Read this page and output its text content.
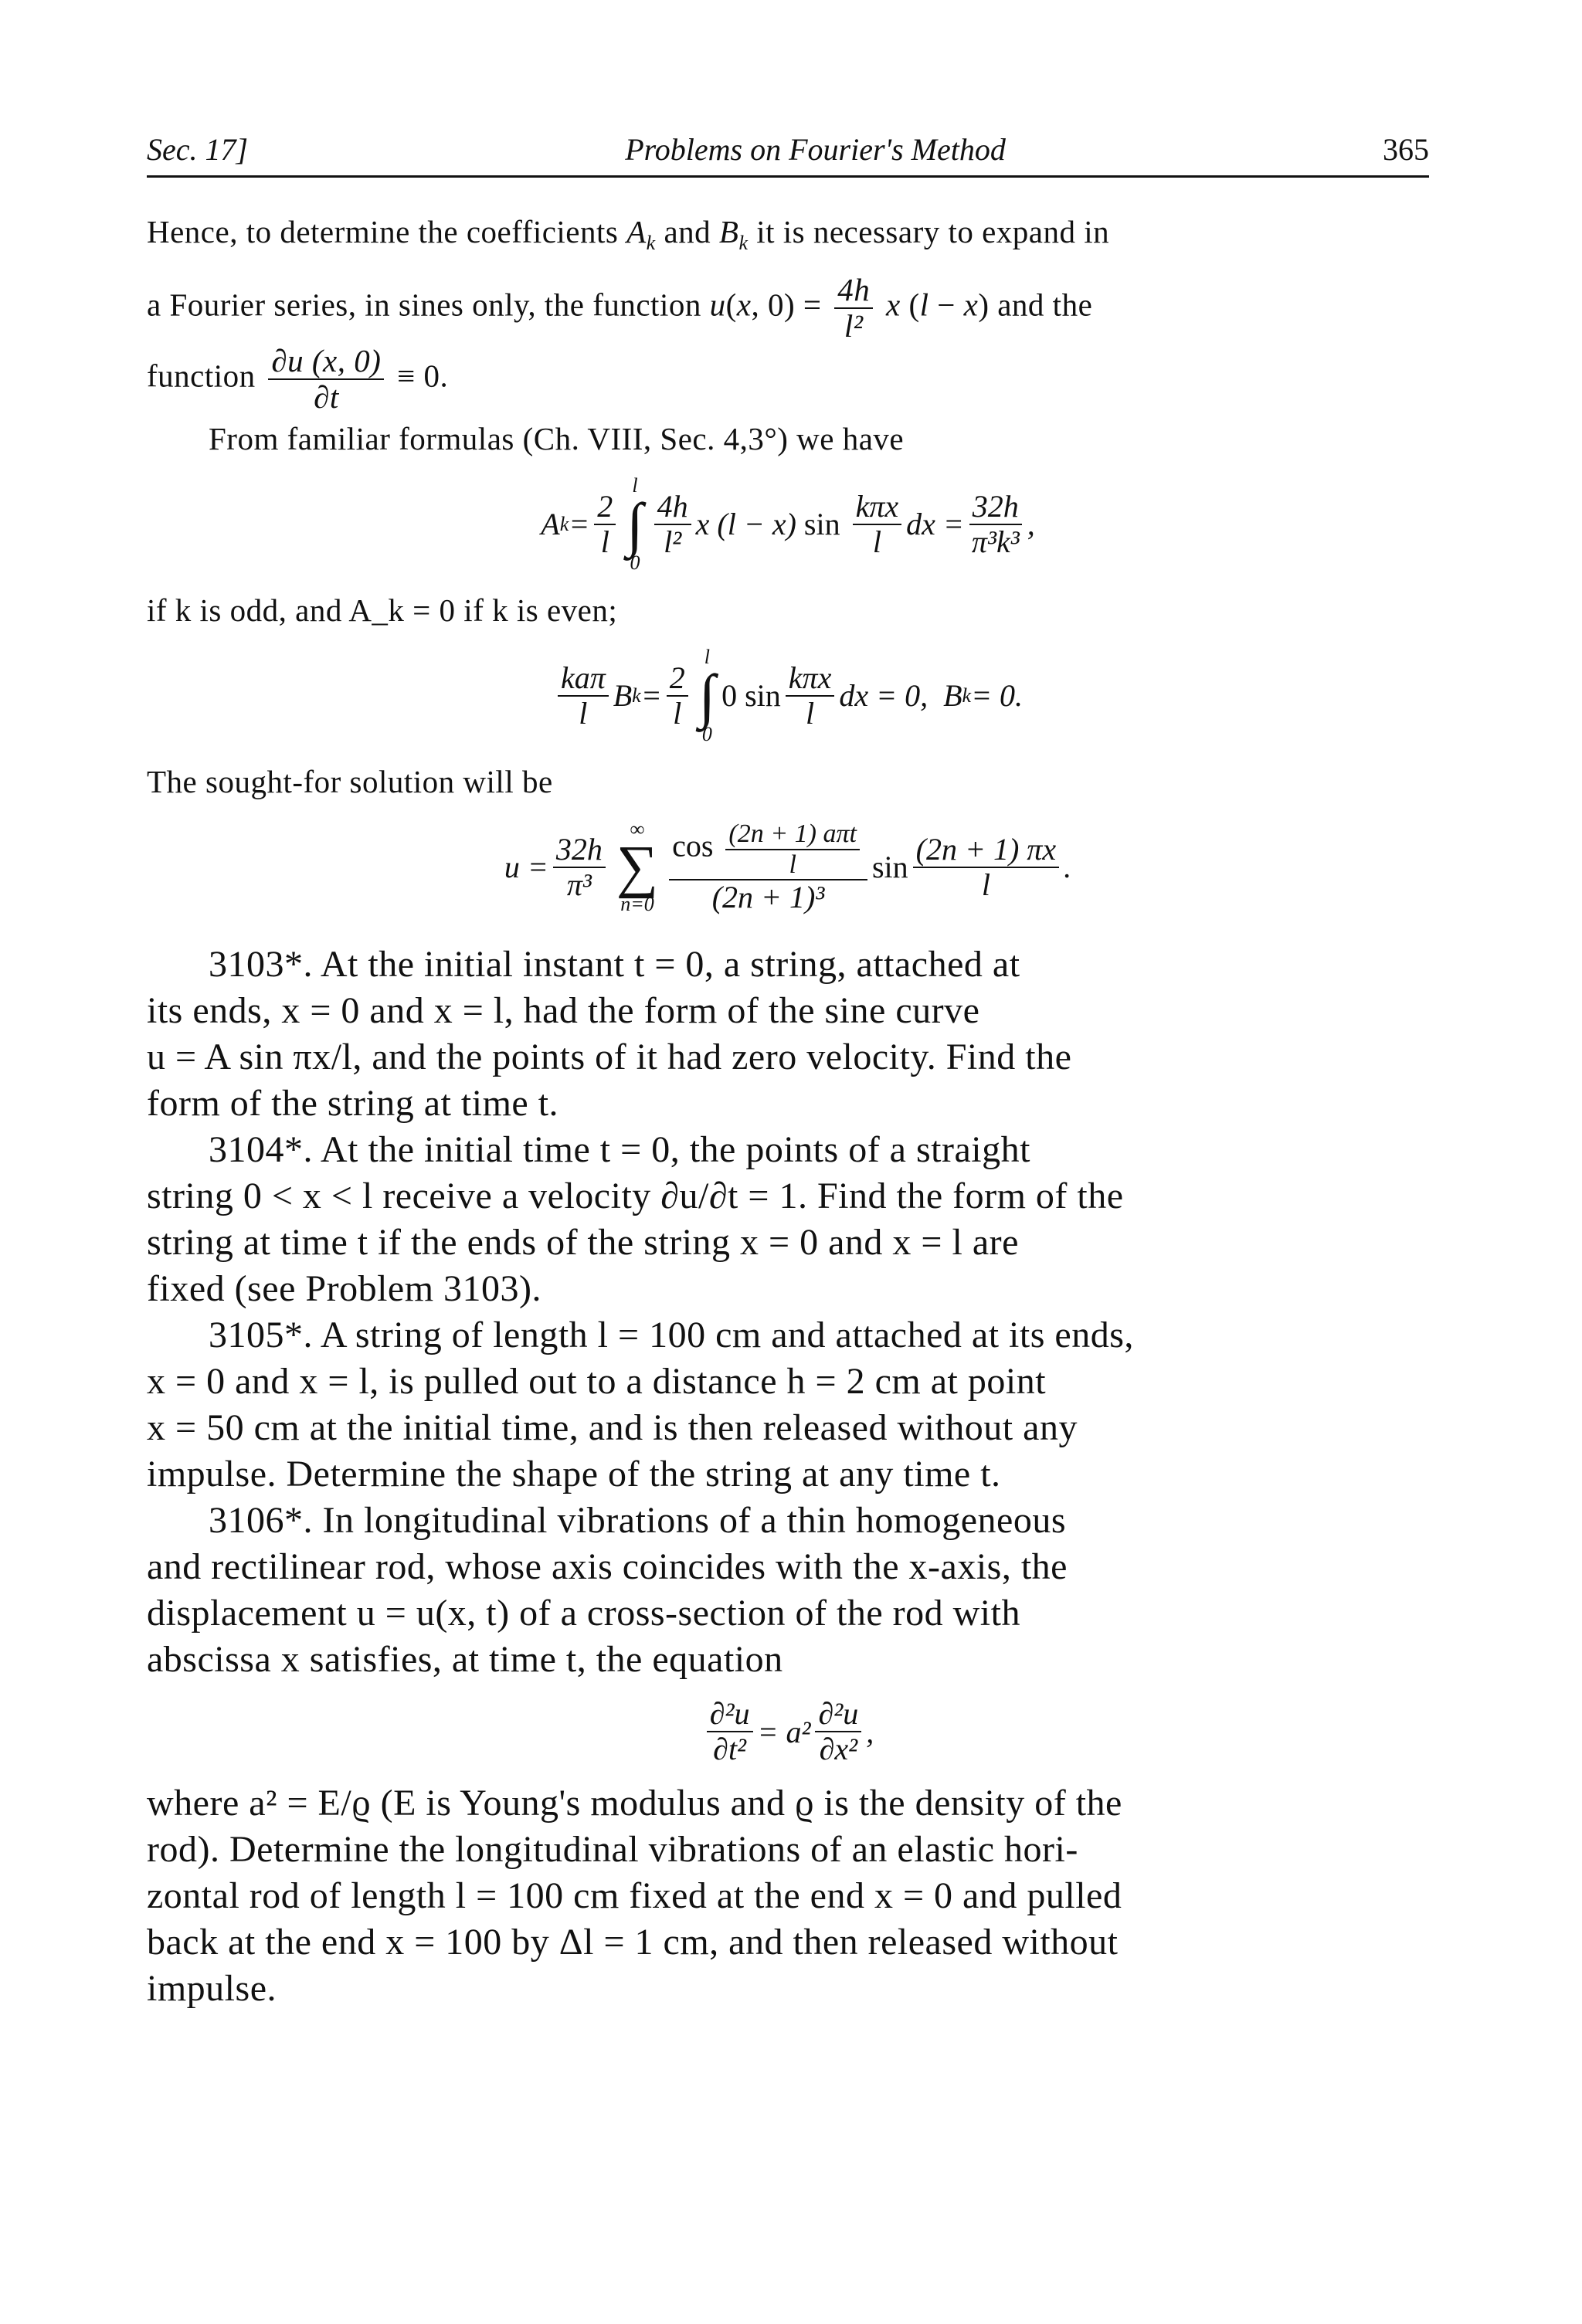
Sec. 17]	Problems on Fourier's Method	365

Hence, to determine the coefficients $A_k$ and $B_k$ it is necessary to expand in

a Fourier series, in sines only, the function u(x, $0) = \frac{4h}{\text{l²}}$ x (l − x) and the

function $\frac{\partial u (x, 0)}{\partial t} \equiv 0$.

From familiar formulas (Ch. VIII, Sec. 4,3°) we have

A $k = \frac{2}{l}$
l
∫
0
$\frac{4h}{\text{l²}}$ x (l − x) $\sin \frac{\text{kπx}}{l}$ dx = $\frac{32h}{\text{π³k³}}$ ,

if k is odd, and A_k = 0 if k is even;

$\frac{\text{kaπ}}{l}$ B $k = \frac{2}{l}$
l
∫
0
0 $\sin \frac{\text{kπx}}{l}$ dx = 0,  B k = 0.

The sought-for solution will be

$u = \frac{32h}{\text{π³}}$
∞
∑
$n=0 \frac{\cos \frac{\text{(2n + 1) aπt}}{l}}{\text{(2n + 1)³}}$ $\sin \frac{(2n + 1) \pi x}{l}$ .

3103*. At the initial instant t = 0, a string, attached at

its ends, x = 0 and x = l, had the form of the sine curve

u = A sin πx/l, and the points of it had zero velocity. Find the

form of the string at time t.

3104*. At the initial time t = 0, the points of a straight

string 0 < x < l receive a velocity ∂u/∂t = 1. Find the form of the

string at time t if the ends of the string x = 0 and x = l are

fixed (see Problem 3103).

3105*. A string of length l = 100 cm and attached at its ends,

x = 0 and x = l, is pulled out to a distance h = 2 cm at point

x = 50 cm at the initial time, and is then released without any

impulse. Determine the shape of the string at any time t.

3106*. In longitudinal vibrations of a thin homogeneous

and rectilinear rod, whose axis coincides with the x-axis, the

displacement u = u(x, t) of a cross-section of the rod with

abscissa x satisfies, at time t, the equation

$\frac{\text{∂²u}}{\text{∂t²}} = a^2 \frac{\text{∂²u}}{\text{∂x²}}$ ,

where a² = E/ϱ (E is Young's modulus and ϱ is the density of the

rod). Determine the longitudinal vibrations of an elastic hori-

zontal rod of length l = 100 cm fixed at the end x = 0 and pulled

back at the end x = 100 by Δl = 1 cm, and then released without

impulse.
